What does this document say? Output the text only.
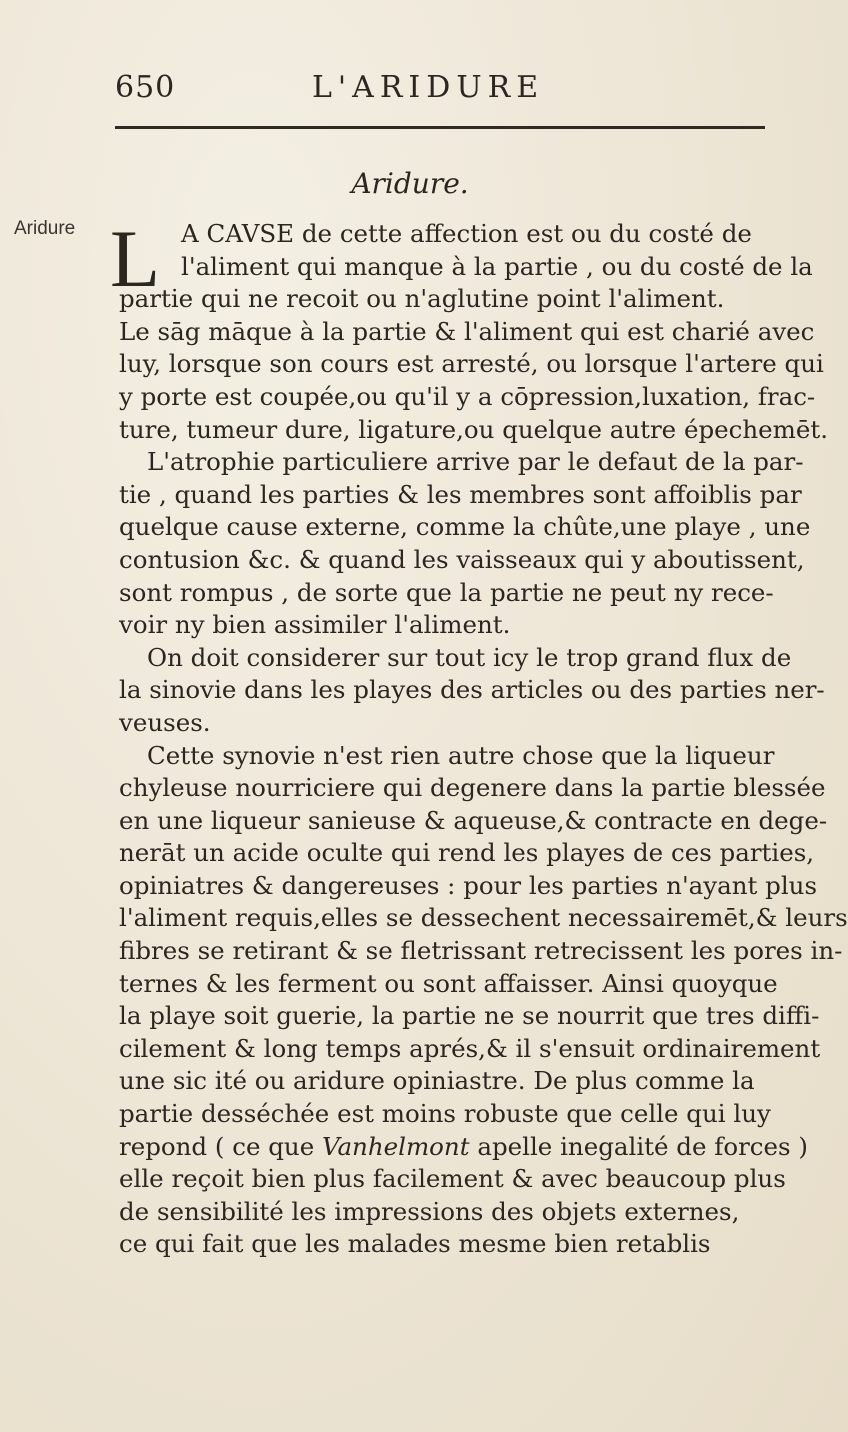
650	L'ARIDURE
Aridure.
Aridure L A CAVSE de cette affection est ou du costé de
l'aliment qui manque à la partie , ou du costé de la
partie qui ne recoit ou n'aglutine point l'aliment.
Le sāg māque à la partie & l'aliment qui est charié avec
luy, lorsque son cours est arresté, ou lorsque l'artere qui
y porte est coupée,ou qu'il y a cōpression,luxation, frac-
ture, tumeur dure, ligature,ou quelque autre épechemēt.
L'atrophie particuliere arrive par le defaut de la par-
tie , quand les parties & les membres sont affoiblis par
quelque cause externe, comme la chûte,une playe , une
contusion &c. & quand les vaisseaux qui y aboutissent,
sont rompus , de sorte que la partie ne peut ny rece-
voir ny bien assimiler l'aliment.
On doit considerer sur tout icy le trop grand flux de
la sinovie dans les playes des articles ou des parties ner-
veuses.
Cette synovie n'est rien autre chose que la liqueur
chyleuse nourriciere qui degenere dans la partie blessée
en une liqueur sanieuse & aqueuse,& contracte en dege-
nerāt un acide oculte qui rend les playes de ces parties,
opiniatres & dangereuses : pour les parties n'ayant plus
l'aliment requis,elles se dessechent necessairemēt,& leurs
fibres se retirant & se fletrissant retrecissent les pores in-
ternes & les ferment ou sont affaisser. Ainsi quoyque
la playe soit guerie, la partie ne se nourrit que tres diffi-
cilement & long temps aprés,& il s'ensuit ordinairement
une sic ité ou aridure opiniastre. De plus comme la
partie desséchée est moins robuste que celle qui luy
repond ( ce que Vanhelmont apelle inegalité de forces )
elle reçoit bien plus facilement & avec beaucoup plus
de sensibilité les impressions des objets externes,
ce qui fait que les malades mesme bien retablis
